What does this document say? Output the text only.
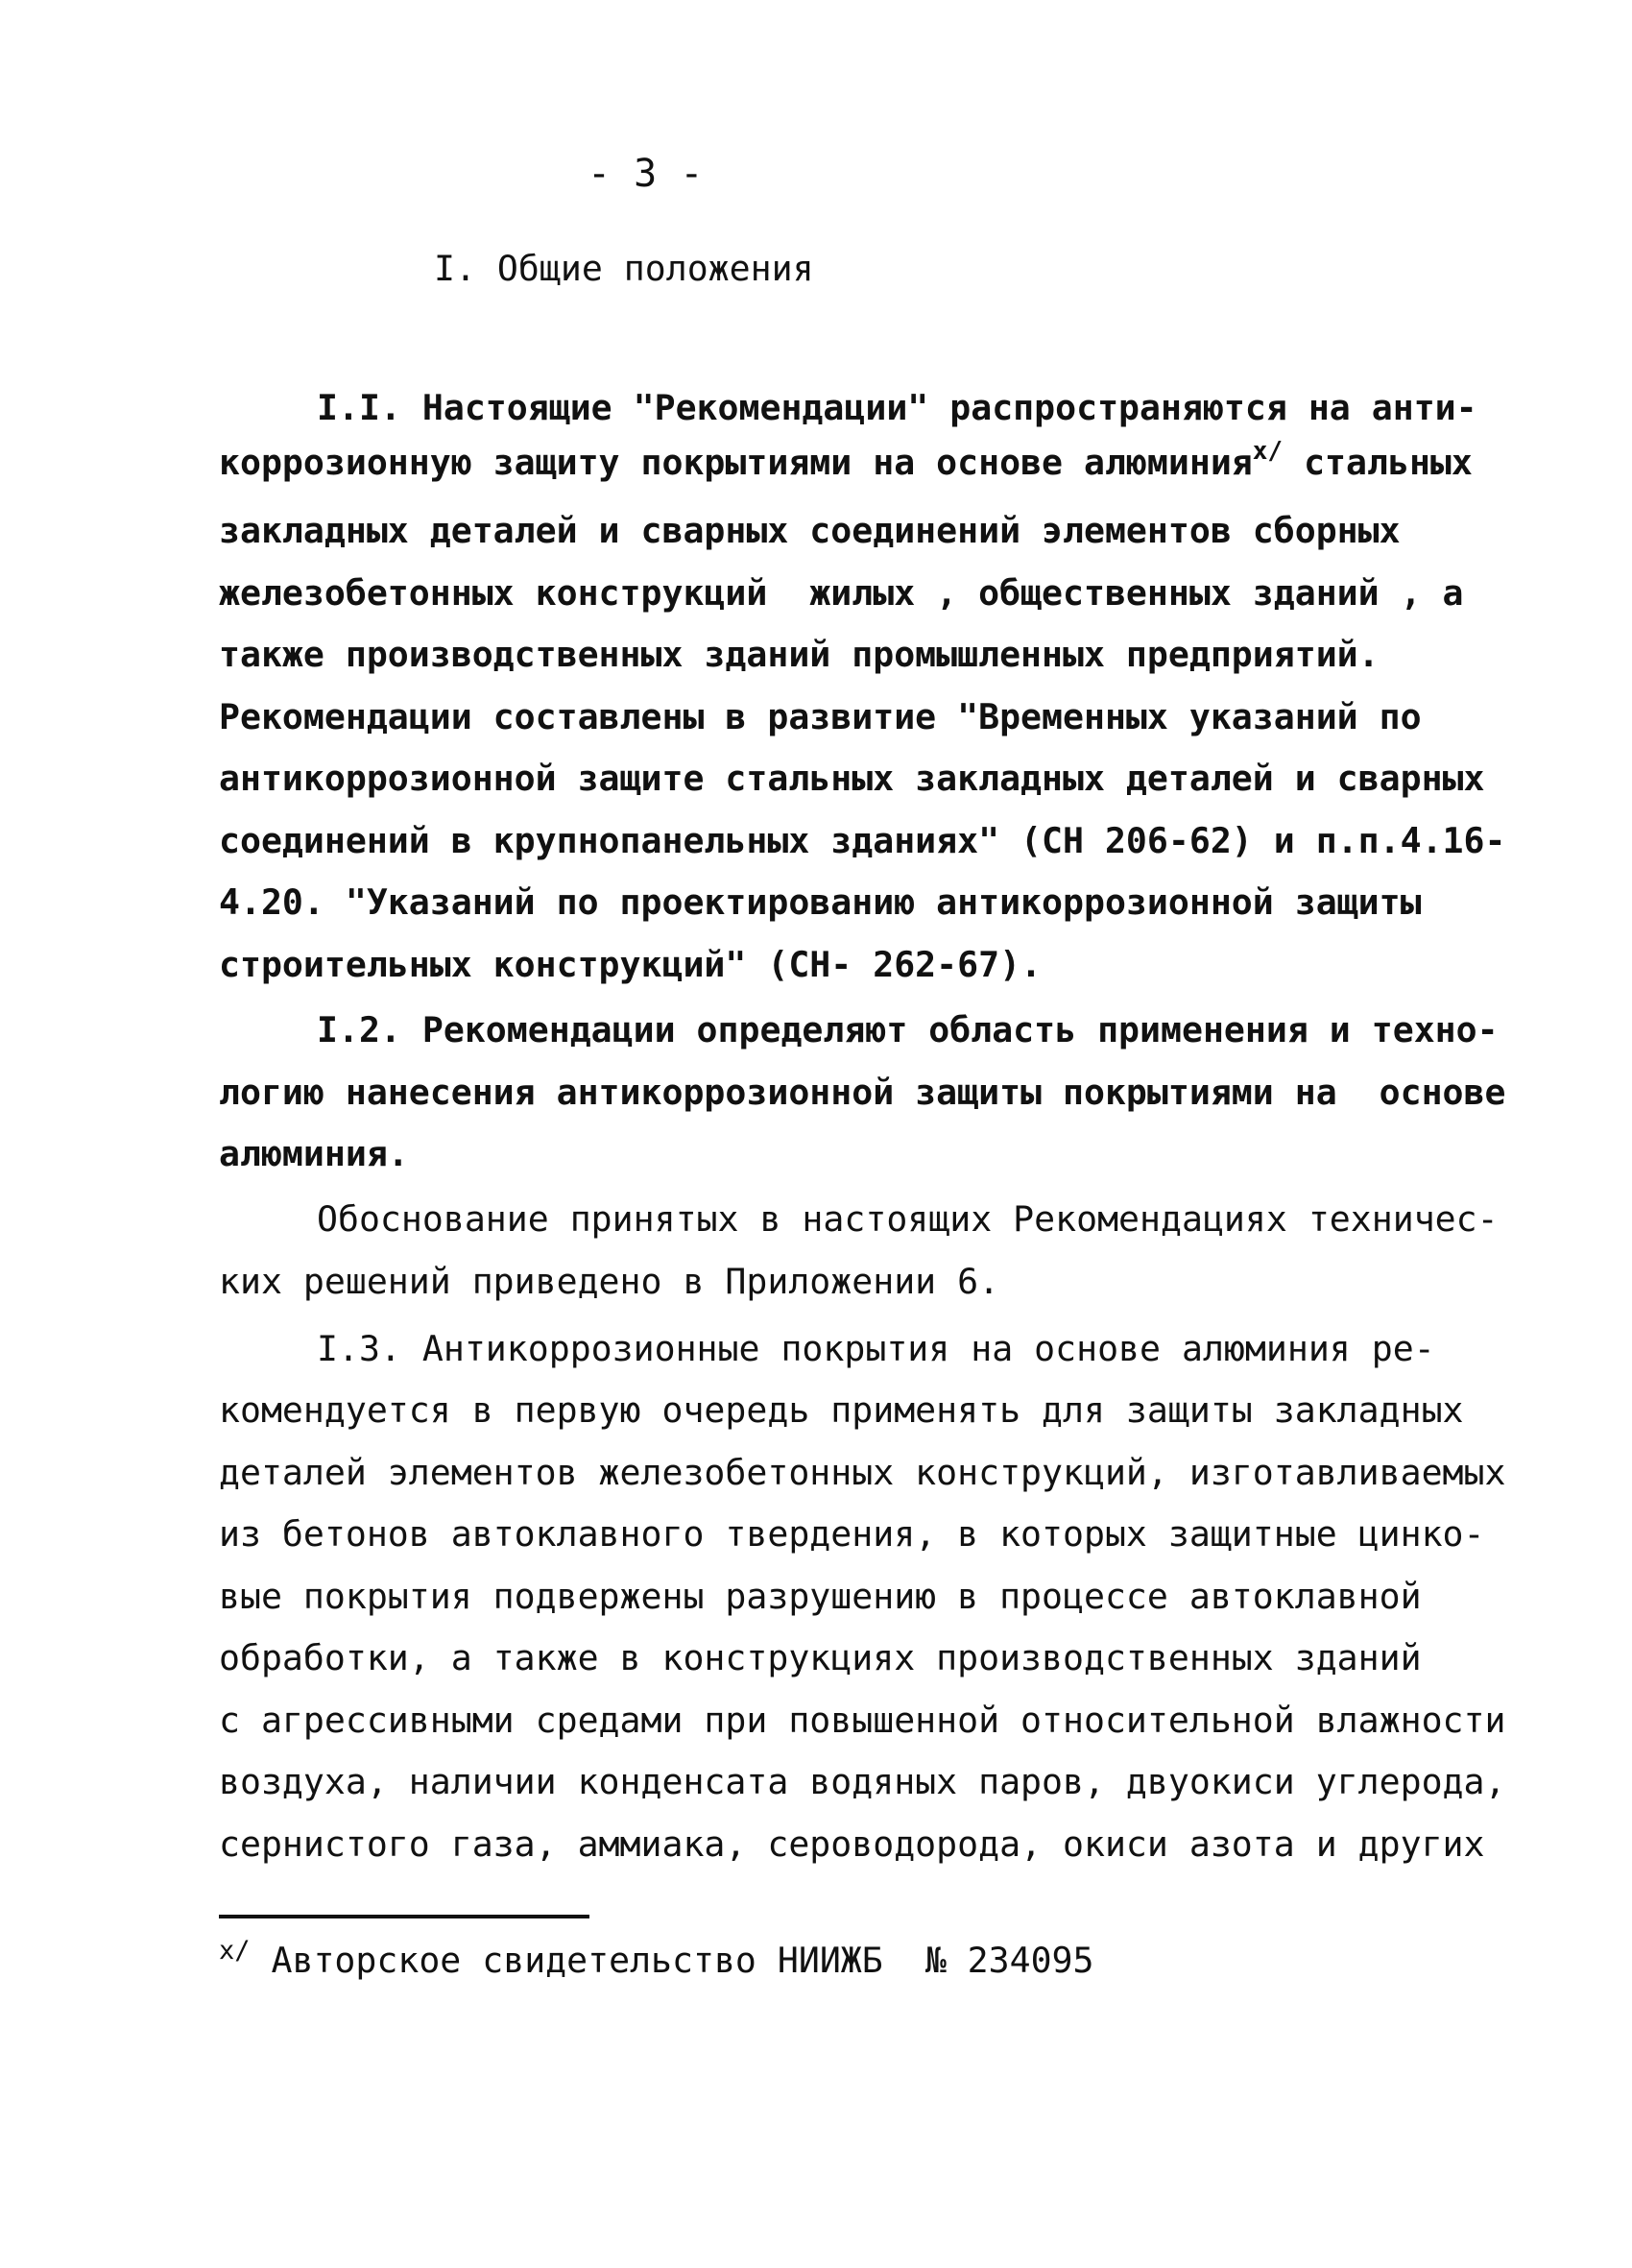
- 3 -
I. Общие положения
I.I. Настоящие "Рекомендации" распространяются на анти-
коррозионную защиту покрытиями на основе алюминия$^{x/}$ стальных
закладных деталей и сварных соединений элементов сборных
железобетонных конструкций  жилых , общественных зданий , а
также производственных зданий промышленных предприятий.
Рекомендации составлены в развитие "Временных указаний по
антикоррозионной защите стальных закладных деталей и сварных
соединений в крупнопанельных зданиях" (СН 206-62) и п.п.4.16-
4.20. "Указаний по проектированию антикоррозионной защиты
строительных конструкций" (СН- 262-67).
I.2. Рекомендации определяют область применения и техно-
логию нанесения антикоррозионной защиты покрытиями на  основе
алюминия.
Обоснование принятых в настоящих Рекомендациях техничес-
ких решений приведено в Приложении 6.
I.3. Антикоррозионные покрытия на основе алюминия ре-
комендуется в первую очередь применять для защиты закладных
деталей элементов железобетонных конструкций, изготавливаемых
из бетонов автоклавного твердения, в которых защитные цинко-
вые покрытия подвержены разрушению в процессе автоклавной
обработки, а также в конструкциях производственных зданий
с агрессивными средами при повышенной относительной влажности
воздуха, наличии конденсата водяных паров, двуокиси углерода,
сернистого газа, аммиака, сероводорода, окиси азота и других
$^{x/}$ Авторское свидетельство НИИЖБ  № 234095
